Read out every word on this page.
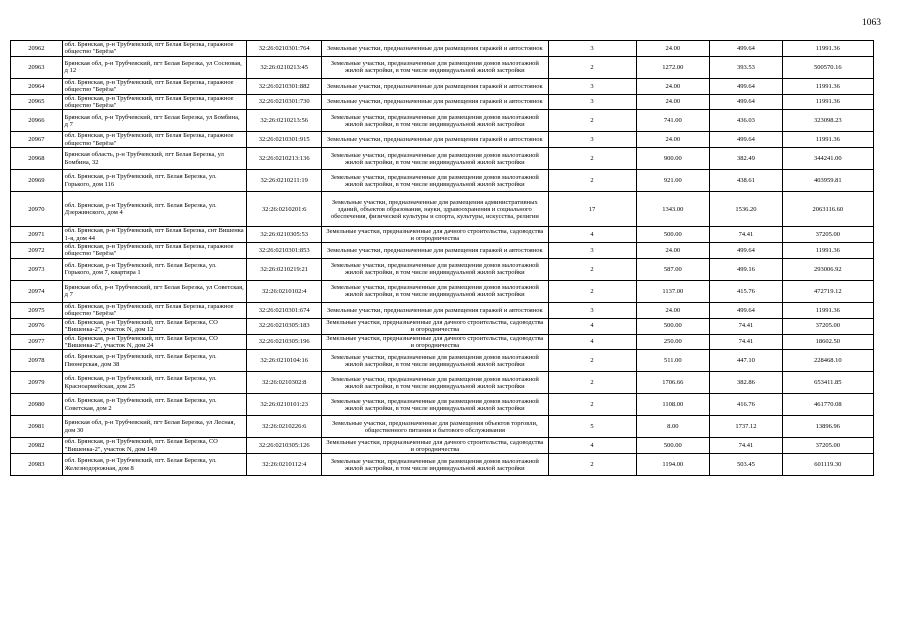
1063
20962	обл. Брянская, р-н Трубчевский, пгт Белая Березка, гаражное общество "Берёза"	32:26:0210301:764	Земельные участки, предназначенные для размещения гаражей и автостоянок	3	24.00	499.64	11991.36
20963	Брянская обл, р-н Трубчевский, пгт Белая Березка, ул Сосновая, д 12	32:26:0210213:45	Земельные участки, предназначенные для размещения домов малоэтажной жилой застройки, в том числе индивидуальной жилой застройки	2	1272.00	393.53	500570.16
20964	обл. Брянская, р-н Трубчевский, пгт Белая Березка, гаражное общество "Берёза"	32:26:0210301:882	Земельные участки, предназначенные для размещения гаражей и автостоянок	3	24.00	499.64	11991.36
20965	обл. Брянская, р-н Трубчевский, пгт Белая Березка, гаражное общество "Берёза"	32:26:0210301:730	Земельные участки, предназначенные для размещения гаражей и автостоянок	3	24.00	499.64	11991.36
20966	Брянская обл, р-н Трубчевский, пгт Белая Березка, ул Бомбина, д 7	32:26:0210213:56	Земельные участки, предназначенные для размещения домов малоэтажной жилой застройки, в том числе индивидуальной жилой застройки	2	741.00	436.03	323098.23
20967	обл. Брянская, р-н Трубчевский, пгт Белая Березка, гаражное общество "Берёза"	32:26:0210301:915	Земельные участки, предназначенные для размещения гаражей и автостоянок	3	24.00	499.64	11991.36
20968	Брянская область, р-н Трубчевский, пгт Белая Березка, ул Бомбина, 32	32:26:0210213:136	Земельные участки, предназначенные для размещения домов малоэтажной жилой застройки, в том числе индивидуальной жилой застройки	2	900.00	382.49	344241.00
20969	обл. Брянская, р-н Трубчевский, пгт. Белая Березка, ул. Горького, дом 116	32:26:0210211:19	Земельные участки, предназначенные для размещения домов малоэтажной жилой застройки, в том числе индивидуальной жилой застройки	2	921.00	438.61	403959.81
20970	обл. Брянская, р-н Трубчевский, пгт. Белая Березка, ул. Дзержинского, дом 4	32:26:0210201:6	Земельные участки, предназначенные для размещения административных зданий, объектов образования, науки, здравоохранения и социального обеспечения, физической культуры и спорта, культуры, искусства, религии	17	1343.00	1536.20	2063116.60
20971	обл. Брянская, р-н Трубчевский, пгт Белая Березка, снт Вишенка 1-я, дом 44	32:26:0210305:53	Земельные участки, предназначенные для дачного строительства, садоводства и огородничества	4	500.00	74.41	37205.00
20972	обл. Брянская, р-н Трубчевский, пгт Белая Березка, гаражное общество "Берёза"	32:26:0210301:853	Земельные участки, предназначенные для размещения гаражей и автостоянок	3	24.00	499.64	11991.36
20973	обл. Брянская, р-н Трубчевский, пгт. Белая Березка, ул. Горького, дом 7, квартира 1	32:26:0210219:21	Земельные участки, предназначенные для размещения домов малоэтажной жилой застройки, в том числе индивидуальной жилой застройки	2	587.00	499.16	293006.92
20974	Брянская обл, р-н Трубчевский, пгт Белая Березка, ул Советская, д 7	32:26:0210102:4	Земельные участки, предназначенные для размещения домов малоэтажной жилой застройки, в том числе индивидуальной жилой застройки	2	1137.00	415.76	472719.12
20975	обл. Брянская, р-н Трубчевский, пгт Белая Березка, гаражное общество "Берёза"	32:26:0210301:674	Земельные участки, предназначенные для размещения гаражей и автостоянок	3	24.00	499.64	11991.36
20976	обл. Брянская, р-н Трубчевский, пгт. Белая Березка, СО "Вишенка-2", участок N, дом 12	32:26:0210305:183	Земельные участки, предназначенные для дачного строительства, садоводства и огородничества	4	500.00	74.41	37205.00
20977	обл. Брянская, р-н Трубчевский, пгт. Белая Березка, СО "Вишенка-2", участок N, дом 24	32:26:0210305:196	Земельные участки, предназначенные для дачного строительства, садоводства и огородничества	4	250.00	74.41	18602.50
20978	обл. Брянская, р-н Трубчевский, пгт. Белая Березка, ул. Пионерская, дом 38	32:26:0210104:16	Земельные участки, предназначенные для размещения домов малоэтажной жилой застройки, в том числе индивидуальной жилой застройки	2	511.00	447.10	228468.10
20979	обл. Брянская, р-н Трубчевский, пгт. Белая Березка, ул. Красноармейская, дом 25	32:26:0210302:8	Земельные участки, предназначенные для размещения домов малоэтажной жилой застройки, в том числе индивидуальной жилой застройки	2	1706.66	382.86	653411.85
20980	обл. Брянская, р-н Трубчевский, пгт. Белая Березка, ул. Советская, дом 2	32:26:0210101:23	Земельные участки, предназначенные для размещения домов малоэтажной жилой застройки, в том числе индивидуальной жилой застройки	2	1108.00	416.76	461770.08
20981	Брянская обл, р-н Трубчевский, пгт Белая Березка, ул Лесная, дом 30	32:26:0210226:6	Земельные участки, предназначенные для размещения объектов торговли, общественного питания и бытового обслуживания	5	8.00	1737.12	13896.96
20982	обл. Брянская, р-н Трубчевский, пгт. Белая Березка, СО "Вишенка-2", участок N, дом 149	32:26:0210305:126	Земельные участки, предназначенные для дачного строительства, садоводства и огородничества	4	500.00	74.41	37205.00
20983	обл. Брянская, р-н Трубчевский, пгт. Белая Березка, ул. Железнодорожная, дом 8	32:26:0210112:4	Земельные участки, предназначенные для размещения домов малоэтажной жилой застройки, в том числе индивидуальной жилой застройки	2	1194.00	503.45	601119.30
